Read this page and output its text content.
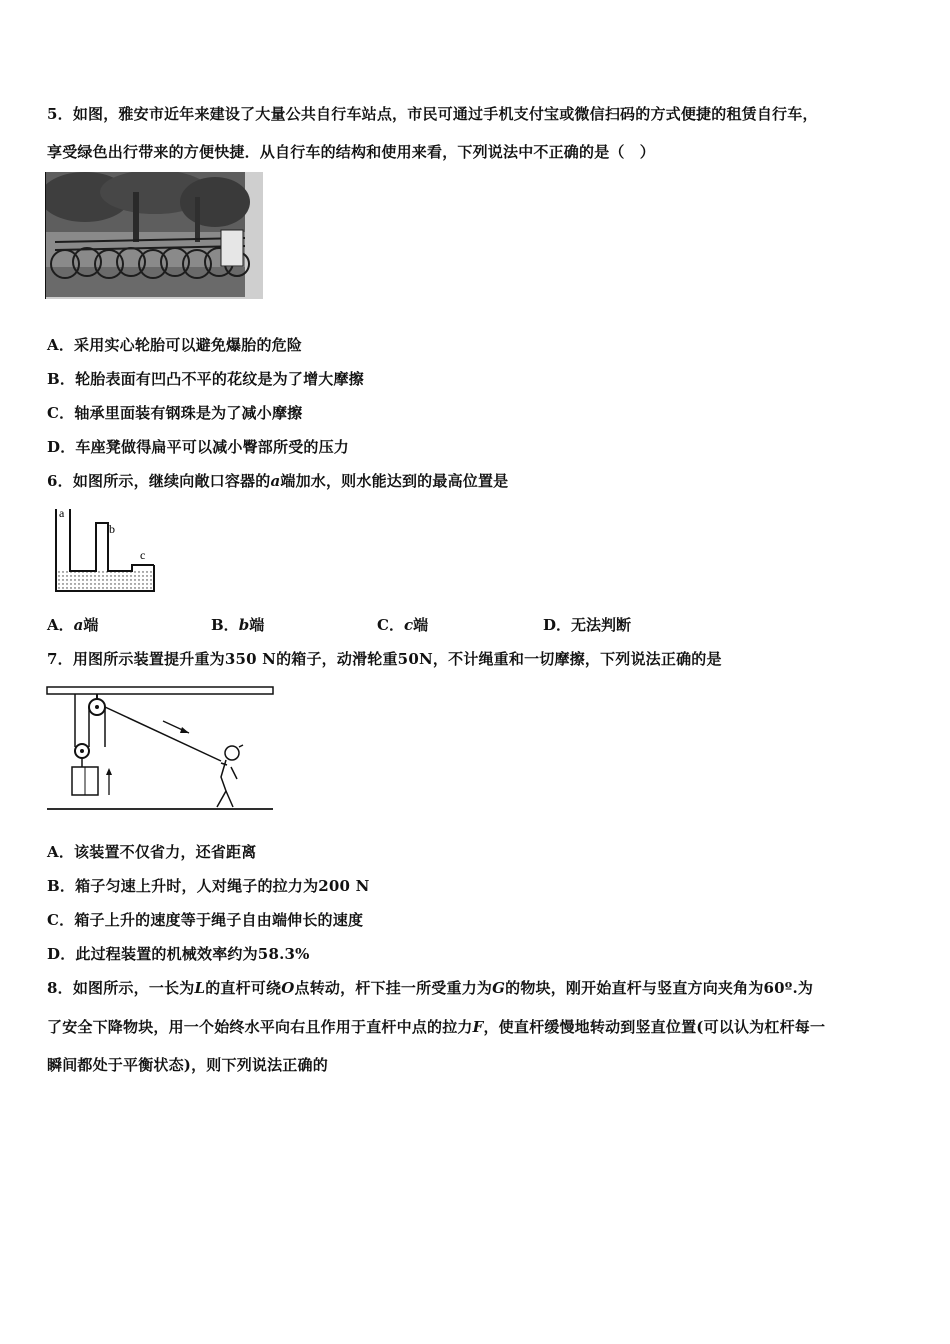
5．如图，雅安市近年来建设了大量公共自行车站点，市民可通过手机支付宝或微信扫码的方式便捷的租赁自行车，
享受绿色出行带来的方便快捷．从自行车的结构和使用来看，下列说法中不正确的是（　）
A．采用实心轮胎可以避免爆胎的危险
B．轮胎表面有凹凸不平的花纹是为了增大摩擦
C．轴承里面装有钢珠是为了减小摩擦
D．车座凳做得扁平可以减小臀部所受的压力
6．如图所示，继续向敞口容器的a端加水，则水能达到的最高位置是
a
b
c
A．a端	B．b端	C．c端	D．无法判断
7．用图所示装置提升重为350 N的箱子，动滑轮重50N，不计绳重和一切摩擦，下列说法正确的是
A．该装置不仅省力，还省距离
B．箱子匀速上升时，人对绳子的拉力为200 N
C．箱子上升的速度等于绳子自由端伸长的速度
D．此过程装置的机械效率约为58.3%
8．如图所示，一长为L的直杆可绕O点转动，杆下挂一所受重力为G的物块，刚开始直杆与竖直方向夹角为60º.为
了安全下降物块，用一个始终水平向右且作用于直杆中点的拉力F，使直杆缓慢地转动到竖直位置(可以认为杠杆每一
瞬间都处于平衡状态)，则下列说法正确的
